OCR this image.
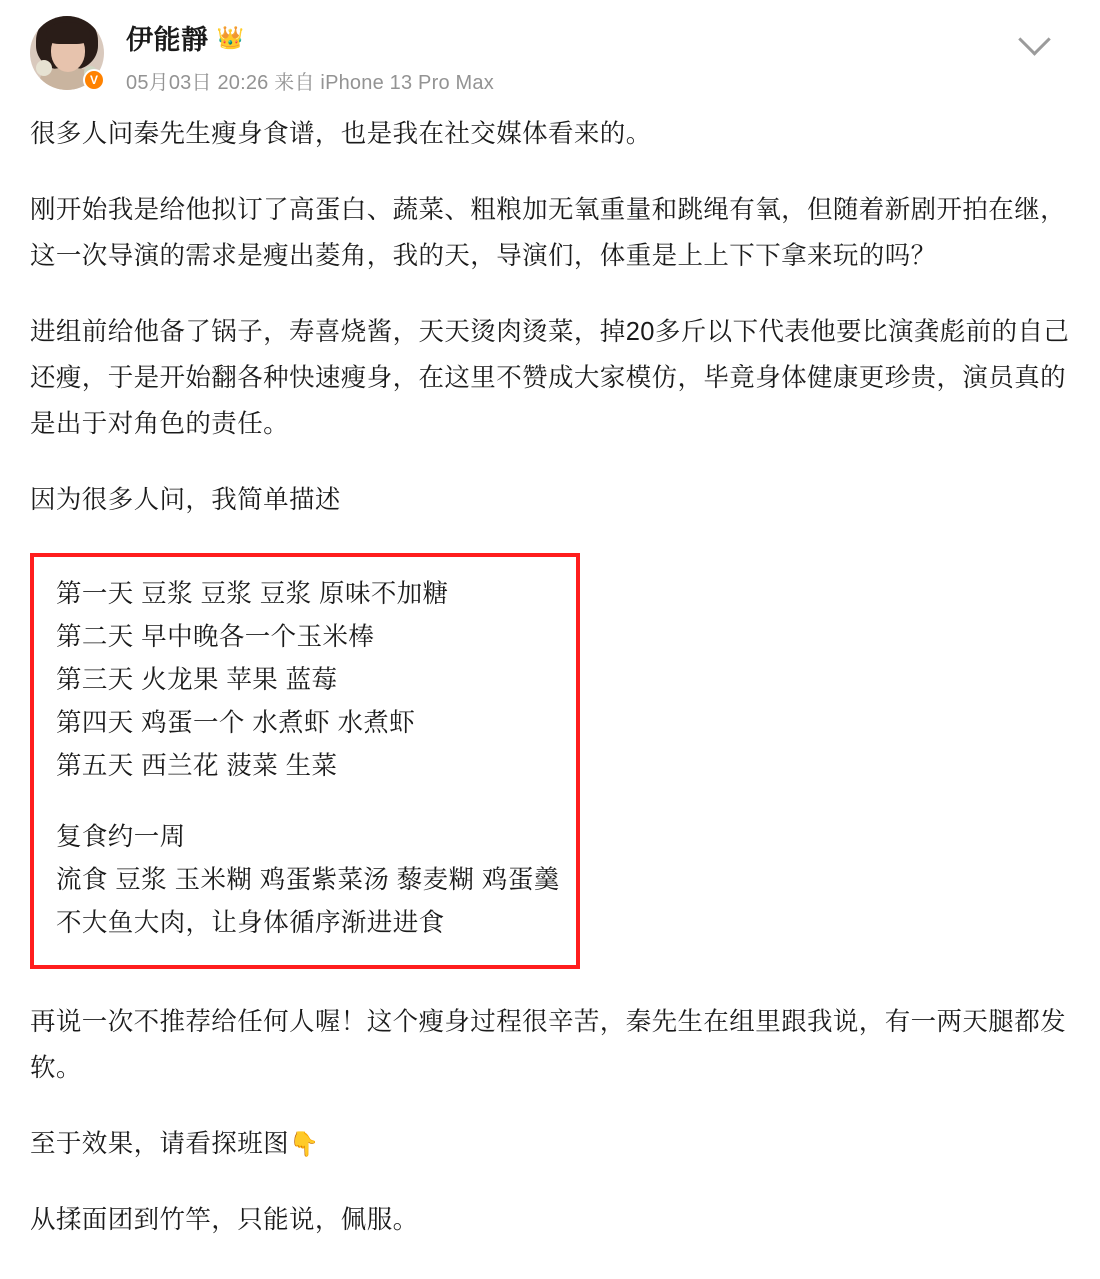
V
伊能靜 👑
05月03日 20:26 来自 iPhone 13 Pro Max

很多人问秦先生瘦身食谱，也是我在社交媒体看来的。

刚开始我是给他拟订了高蛋白、蔬菜、粗粮加无氧重量和跳绳有氧，但随着新剧开拍在继，这一次导演的需求是瘦出菱角，我的天，导演们，体重是上上下下拿来玩的吗？

进组前给他备了锅子，寿喜烧酱，天天烫肉烫菜，掉20多斤以下代表他要比演龚彪前的自己还瘦，于是开始翻各种快速瘦身，在这里不赞成大家模仿，毕竟身体健康更珍贵，演员真的是出于对角色的责任。

因为很多人问，我简单描述

第一天 豆浆 豆浆 豆浆 原味不加糖
第二天 早中晚各一个玉米棒
第三天 火龙果 苹果 蓝莓
第四天 鸡蛋一个 水煮虾 水煮虾
第五天 西兰花 菠菜 生菜
复食约一周
流食 豆浆 玉米糊 鸡蛋紫菜汤 藜麦糊 鸡蛋羹
不大鱼大肉，让身体循序渐进进食

再说一次不推荐给任何人喔！这个瘦身过程很辛苦，秦先生在组里跟我说，有一两天腿都发软。

至于效果，请看探班图👇

从揉面团到竹竿，只能说，佩服。
